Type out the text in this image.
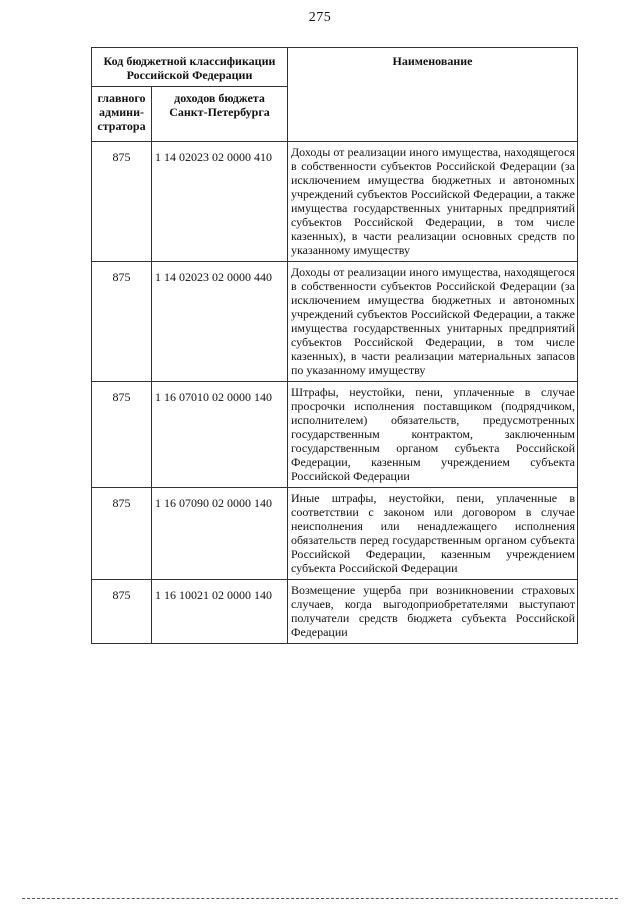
275
Код бюджетной классификации Российской Федерации		Наименование
главного админи-стратора	доходов бюджета Санкт-Петербурга	
875	1 14 02023 02 0000 410	Доходы от реализации иного имущества, находящегося в собственности субъектов Российской Федерации (за исключением имущества бюджетных и автономных учреждений субъектов Российской Федерации, а также имущества государственных унитарных предприятий субъектов Российской Федерации, в том числе казенных), в части реализации основных средств по указанному имуществу
875	1 14 02023 02 0000 440	Доходы от реализации иного имущества, находящегося в собственности субъектов Российской Федерации (за исключением имущества бюджетных и автономных учреждений субъектов Российской Федерации, а также имущества государственных унитарных предприятий субъектов Российской Федерации, в том числе казенных), в части реализации материальных запасов по указанному имуществу
875	1 16 07010 02 0000 140	Штрафы, неустойки, пени, уплаченные в случае просрочки исполнения поставщиком (подрядчиком, исполнителем) обязательств, предусмотренных государственным контрактом, заключенным государственным органом субъекта Российской Федерации, казенным учреждением субъекта Российской Федерации
875	1 16 07090 02 0000 140	Иные штрафы, неустойки, пени, уплаченные в соответствии с законом или договором в случае неисполнения или ненадлежащего исполнения обязательств перед государственным органом субъекта Российской Федерации, казенным учреждением субъекта Российской Федерации
875	1 16 10021 02 0000 140	Возмещение ущерба при возникновении страховых случаев, когда выгодоприобретателями выступают получатели средств бюджета субъекта Российской Федерации
